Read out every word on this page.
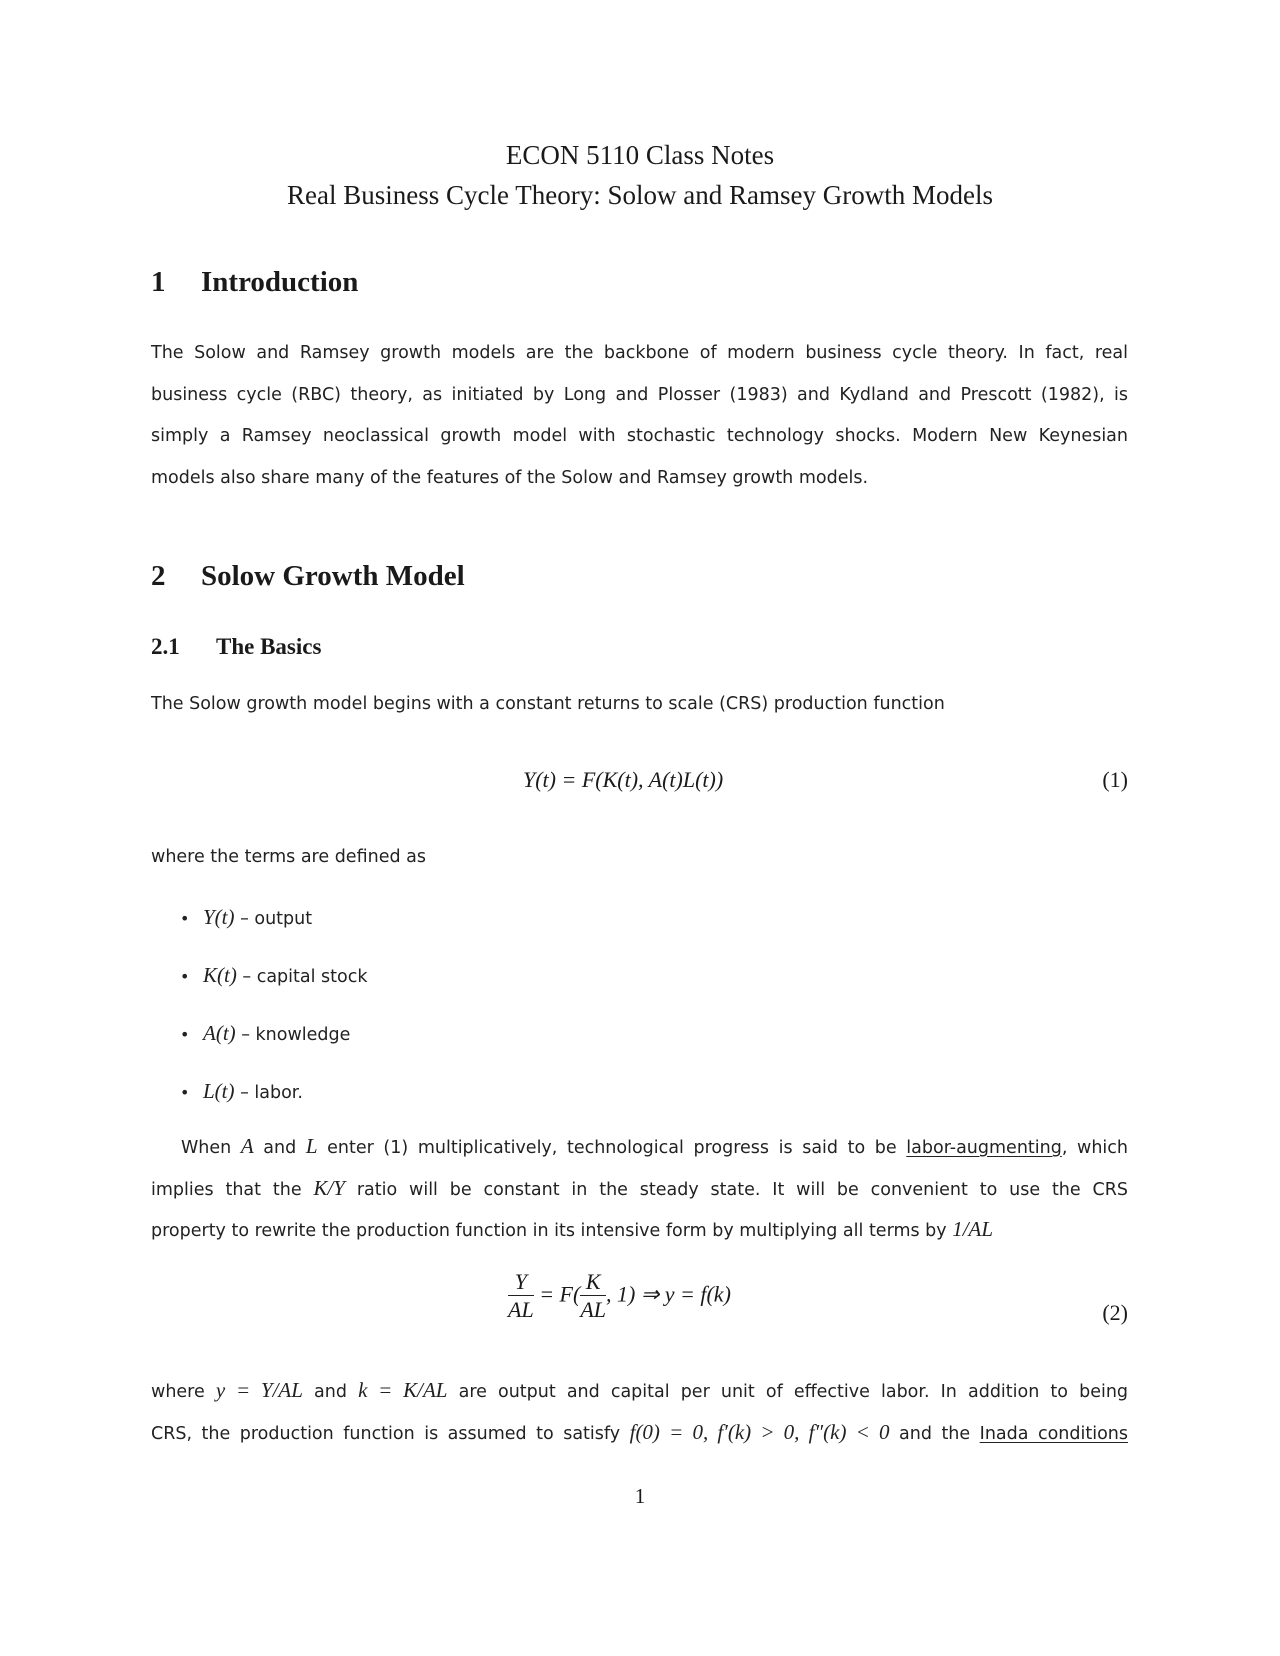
ECON 5110 Class Notes
Real Business Cycle Theory: Solow and Ramsey Growth Models
1 Introduction
The Solow and Ramsey growth models are the backbone of modern business cycle theory. In fact, real
business cycle (RBC) theory, as initiated by Long and Plosser (1983) and Kydland and Prescott (1982), is
simply a Ramsey neoclassical growth model with stochastic technology shocks. Modern New Keynesian
models also share many of the features of the Solow and Ramsey growth models.
2 Solow Growth Model
2.1 The Basics
The Solow growth model begins with a constant returns to scale (CRS) production function
Y(t) = F(K(t), A(t)L(t))	(1)
where the terms are defined as
• Y(t) – output
• K(t) – capital stock
• A(t) – knowledge
• L(t) – labor.
When A and L enter (1) multiplicatively, technological progress is said to be labor-augmenting, which
implies that the K/Y ratio will be constant in the steady state. It will be convenient to use the CRS
property to rewrite the production function in its intensive form by multiplying all terms by 1/AL
$\frac{Y}{AL} = F( \frac{K}{AL}$ , 1) ⇒ y = f(k)
(2)
where y = Y/AL and k = K/AL are output and capital per unit of effective labor. In addition to being
CRS, the production function is assumed to satisfy f(0) = 0, f′(k) > 0, f″(k) < 0 and the Inada conditions
1
